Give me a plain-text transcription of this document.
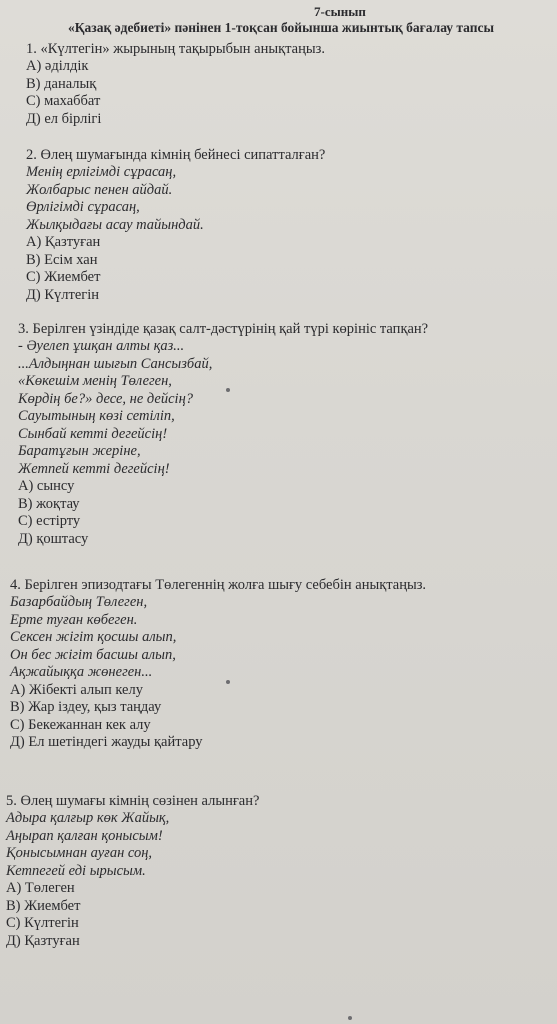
7-сынып
«Қазақ әдебиеті» пәнінен 1-тоқсан бойынша жиынтық бағалау тапсы
1. «Күлтегін» жырының тақырыбын анықтаңыз.
А) әділдік
В) даналық
С) махаббат
Д) ел бірлігі
2. Өлең шумағында кімнің бейнесі сипатталған?
Менің ерлігімді сұрасаң,
Жолбарыс пенен айдай.
Өрлігімді сұрасаң,
Жылқыдағы асау тайындай.
А) Қазтуған
В) Есім хан
С) Жиембет
Д) Күлтегін
3. Берілген үзіндіде қазақ салт-дәстүрінің қай түрі көрініс тапқан?
- Әуелеп ұшқан алты қаз...
...Алдыңнан шығып Сансызбай,
«Көкешім менің Төлеген,
Көрдің бе?» десе, не дейсің?
Сауытының көзі сетіліп,
Сынбай кетті дегейсің!
Баратұғын жеріне,
Жетпей кетті дегейсің!
А) сынсу
В) жоқтау
С) естірту
Д) қоштасу
4. Берілген эпизодтағы Төлегеннің жолға шығу себебін анықтаңыз.
Базарбайдың Төлеген,
Ерте туған көбеген.
Сексен жігіт қосшы алып,
Он бес жігіт басшы алып,
Ақжайыққа жөнеген...
А) Жібекті алып келу
В) Жар іздеу, қыз таңдау
С) Бекежаннан кек алу
Д) Ел шетіндегі жауды қайтару
5. Өлең шумағы кімнің сөзінен алынған?
Адыра қалғыр көк Жайық,
Аңырап қалған қонысым!
Қонысымнан ауған соң,
Кетпегей еді ырысым.
А) Төлеген
В) Жиембет
С) Күлтегін
Д) Қазтуған
